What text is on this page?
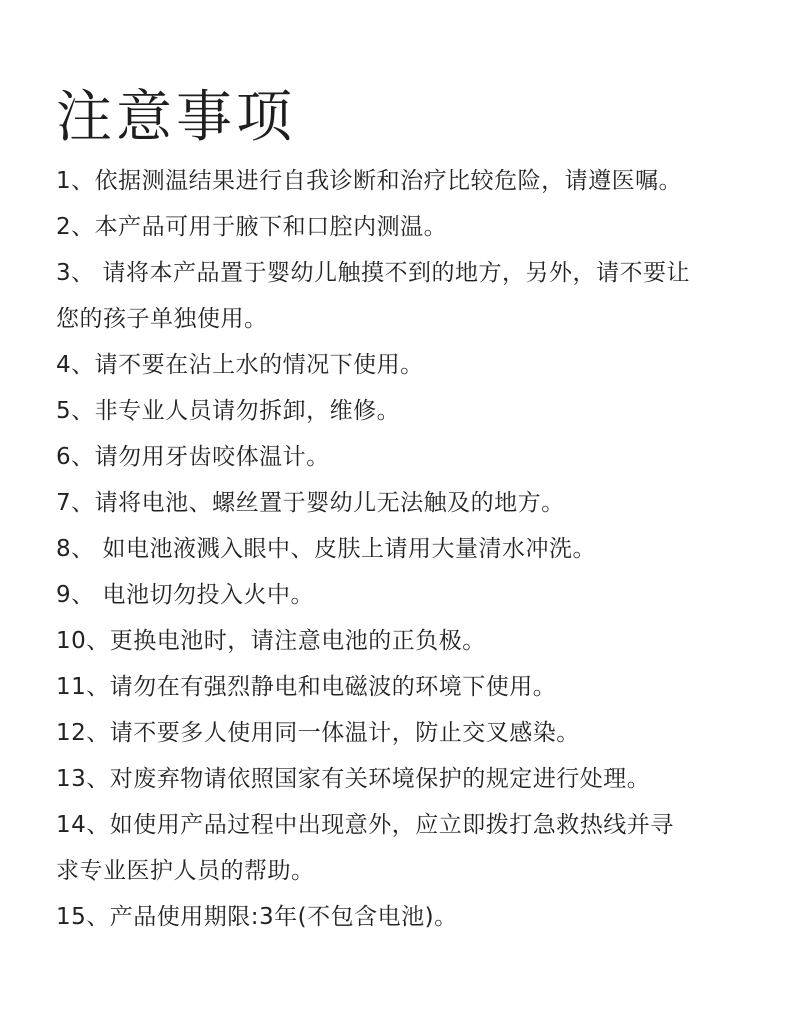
注意事项
1、依据测温结果进行自我诊断和治疗比较危险，请遵医嘱。
2、本产品可用于腋下和口腔内测温。
3、 请将本产品置于婴幼儿触摸不到的地方，另外，请不要让
您的孩子单独使用。
4、请不要在沾上水的情况下使用。
5、非专业人员请勿拆卸，维修。
6、请勿用牙齿咬体温计。
7、请将电池、螺丝置于婴幼儿无法触及的地方。
8、 如电池液溅入眼中、皮肤上请用大量清水冲洗。
9、 电池切勿投入火中。
10、更换电池时，请注意电池的正负极。
11、请勿在有强烈静电和电磁波的环境下使用。
12、请不要多人使用同一体温计，防止交叉感染。
13、对废弃物请依照国家有关环境保护的规定进行处理。
14、如使用产品过程中出现意外，应立即拨打急救热线并寻
求专业医护人员的帮助。
15、产品使用期限:3年(不包含电池)。
